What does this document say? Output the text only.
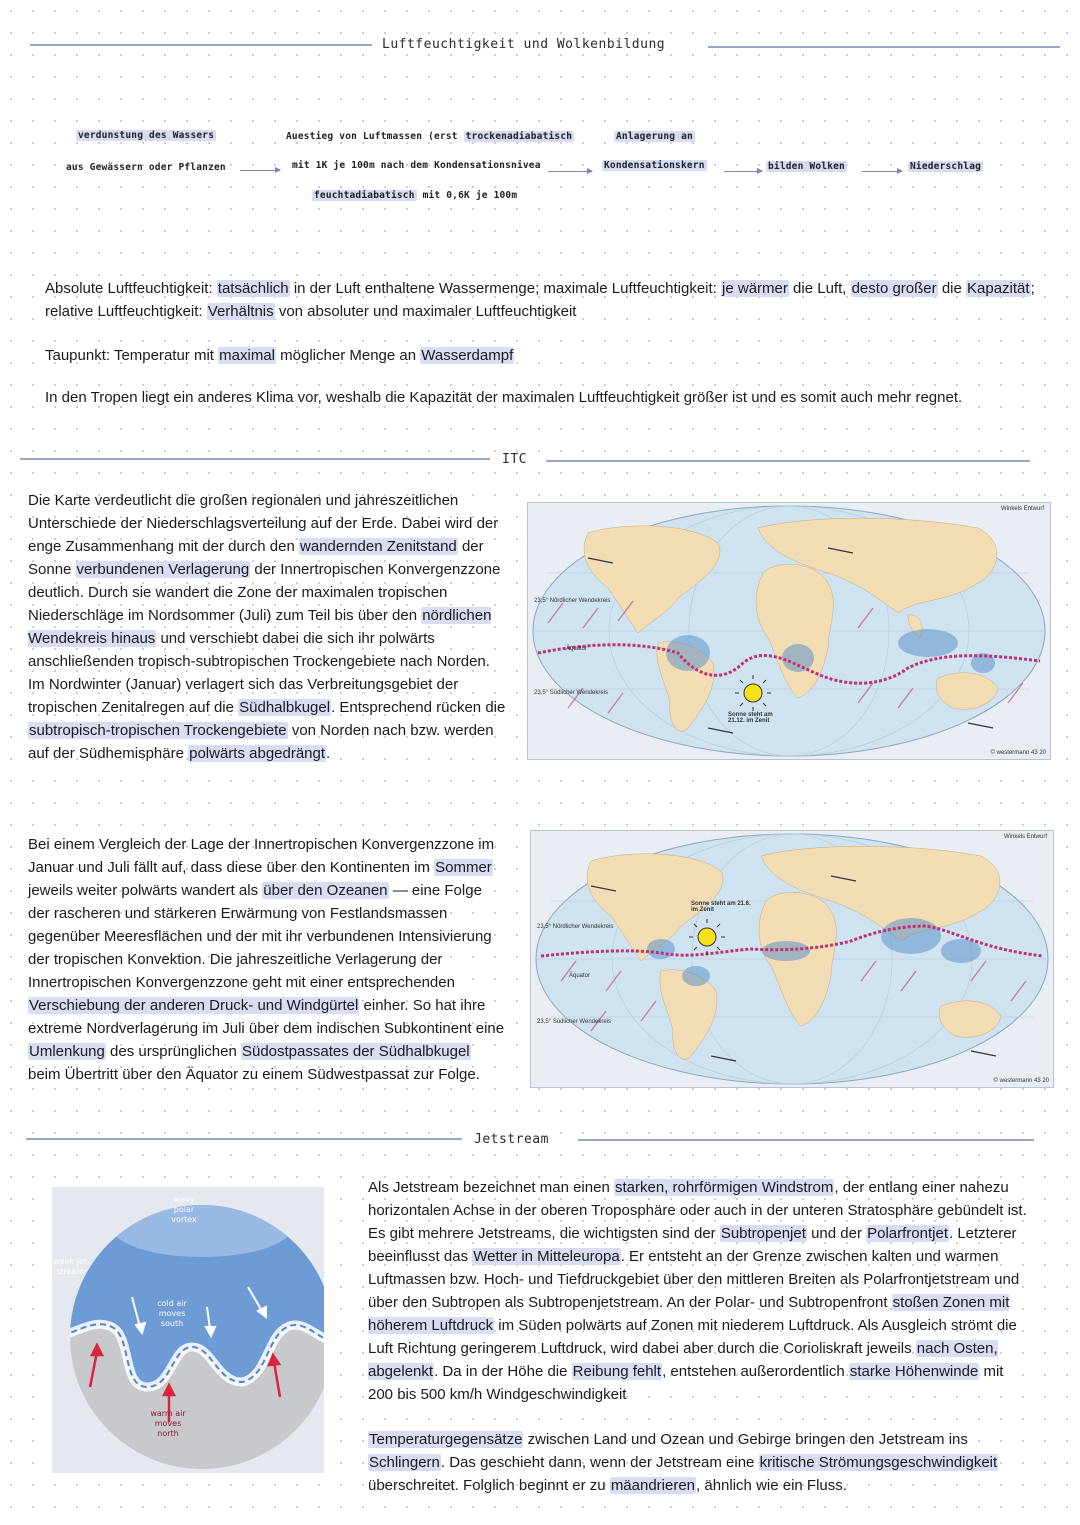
Luftfeuchtigkeit und Wolkenbildung
verdunstung des Wassers
aus Gewässern oder Pflanzen
Auestieg von Luftmassen (erst trockenadiabatisch
mit 1K je 100m nach dem Kondensationsnivea
feuchtadiabatisch mit 0,6K je 100m
Anlagerung an
Kondensationskern	bilden Wolken	Niederschlag
Absolute Luftfeuchtigkeit: tatsächlich in der Luft enthaltene Wassermenge; maximale Luftfeuchtigkeit: je wärmer die Luft, desto großer die Kapazität; relative Luftfeuchtigkeit: Verhältnis von absoluter und maximaler Luftfeuchtigkeit
Taupunkt: Temperatur mit maximal möglicher Menge an Wasserdampf
In den Tropen liegt ein anderes Klima vor, weshalb die Kapazität der maximalen Luftfeuchtigkeit größer ist und es somit auch mehr regnet.
ITC
Die Karte verdeutlicht die großen regionalen und jahreszeitlichen Unterschiede der Niederschlagsverteilung auf der Erde. Dabei wird der enge Zusammenhang mit der durch den wandernden Zenitstand der Sonne verbundenen Verlagerung der Innertropischen Konvergenzzone deutlich. Durch sie wandert die Zone der maximalen tropischen Niederschläge im Nordsommer (Juli) zum Teil bis über den nördlichen Wendekreis hinaus und verschiebt dabei die sich ihr polwärts anschließenden tropisch-subtropischen Trockengebiete nach Norden. Im Nordwinter (Januar) verlagert sich das Verbreitungsgebiet der tropischen Zenitalregen auf die Südhalbkugel. Entsprechend rücken die subtropisch-tropischen Trockengebiete von Norden nach bzw. werden auf der Südhemisphäre polwärts abgedrängt.
Sonne steht am 21.12. im Zenit
23,5° Nördlicher Wendekreis
Äquator
23,5° Südlicher Wendekreis
Winkels Entwurf
© westermann 43 20
Bei einem Vergleich der Lage der Innertropischen Konvergenzzone im Januar und Juli fällt auf, dass diese über den Kontinenten im Sommer jeweils weiter polwärts wandert als über den Ozeanen — eine Folge der rascheren und stärkeren Erwärmung von Festlandsmassen gegenüber Meeresflächen und der mit ihr verbundenen Intensivierung der tropischen Konvektion. Die jahreszeitliche Verlagerung der Innertropischen Konvergenzzone geht mit einer entsprechenden Verschiebung der anderen Druck- und Windgürtel einher. So hat ihre extreme Nordverlagerung im Juli über dem indischen Subkontinent eine Umlenkung des ursprünglichen Südostpassates der Südhalbkugel beim Übertritt über den Äquator zu einem Südwestpassat zur Folge.
Sonne steht am 21.6. im Zenit
23,5° Nördlicher Wendekreis
Äquator
23,5° Südlicher Wendekreis
Winkels Entwurf
© westermann 43 20
Jetstream
wavy polar vortex
weak jet stream
cold air moves south
warm air moves north
Als Jetstream bezeichnet man einen starken, rohrförmigen Windstrom, der entlang einer nahezu horizontalen Achse in der oberen Troposphäre oder auch in der unteren Stratosphäre gebündelt ist. Es gibt mehrere Jetstreams, die wichtigsten sind der Subtropenjet und der Polarfrontjet. Letzterer beeinflusst das Wetter in Mitteleuropa. Er entsteht an der Grenze zwischen kalten und warmen Luftmassen bzw. Hoch- und Tiefdruckgebiet über den mittleren Breiten als Polarfrontjetstream und über den Subtropen als Subtropenjetstream. An der Polar- und Subtropenfront stoßen Zonen mit höherem Luftdruck im Süden polwärts auf Zonen mit niederem Luftdruck. Als Ausgleich strömt die Luft Richtung geringerem Luftdruck, wird dabei aber durch die Corioliskraft jeweils nach Osten, abgelenkt. Da in der Höhe die Reibung fehlt, entstehen außerordentlich starke Höhenwinde mit 200 bis 500 km/h Windgeschwindigkeit
Temperaturgegensätze zwischen Land und Ozean und Gebirge bringen den Jetstream ins Schlingern. Das geschieht dann, wenn der Jetstream eine kritische Strömungsgeschwindigkeit überschreitet. Folglich beginnt er zu mäandrieren, ähnlich wie ein Fluss.
